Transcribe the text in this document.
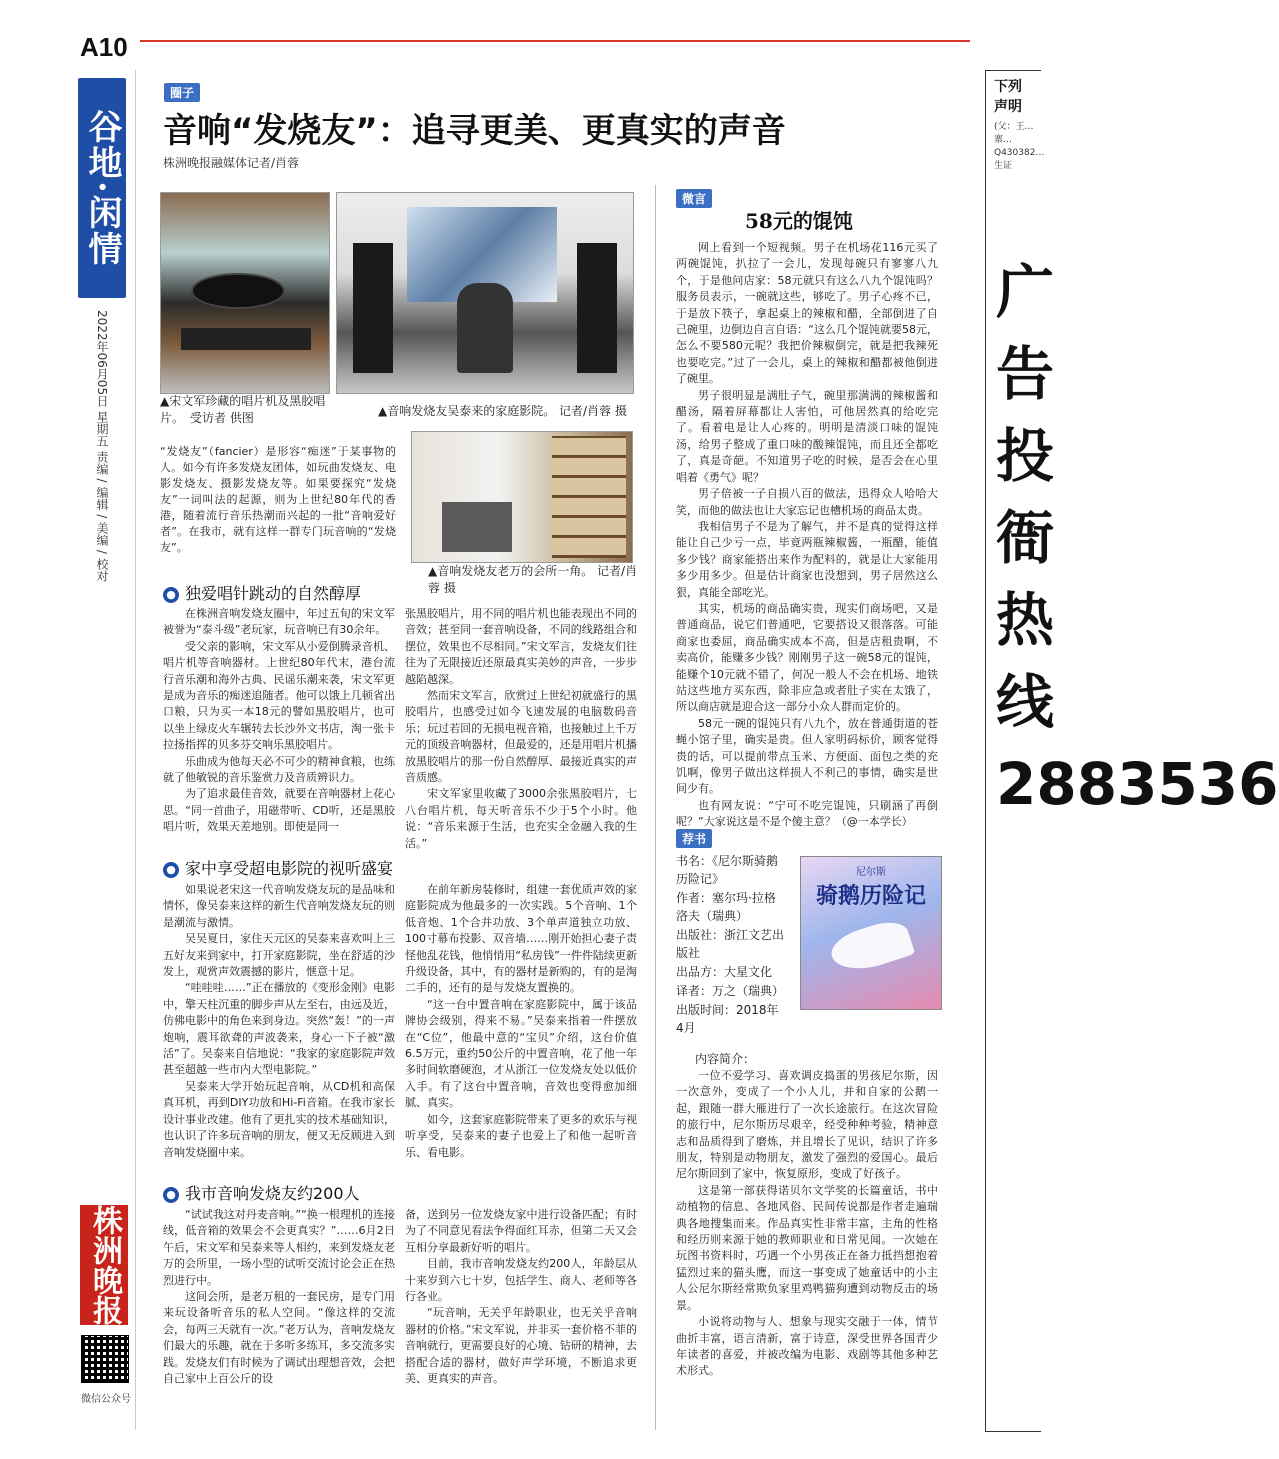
A10
谷地·闲情
2022年06月05日 星期五 责编 / 编辑 / 美编 / 校对
株洲晚报
微信公众号
圈子
音响“发烧友”：追寻更美、更真实的声音
株洲晚报融媒体记者/肖蓉
▲宋文军珍藏的唱片机及黑胶唱片。　受访者 供图	▲音响发烧友吴泰来的家庭影院。 记者/肖蓉 摄
“发烧友”（fancier）是形容“痴迷”于某事物的人。如今有许多发烧友团体，如玩曲发烧友、电影发烧友、摄影发烧友等。如果要探究“发烧友”一词叫法的起源，则为上世纪80年代的香港，随着流行音乐热潮而兴起的一批“音响爱好者”。在我市，就有这样一群专门玩音响的“发烧友”。
▲音响发烧友老万的会所一角。 记者/肖蓉 摄
● 独爱唱针跳动的自然醇厚

在株洲音响发烧友圈中，年过五旬的宋文军被誉为“泰斗级”老玩家，玩音响已有30余年。

受父亲的影响，宋文军从小爱倒腾录音机、唱片机等音响器材。上世纪80年代末，港台流行音乐潮和海外古典、民谣乐潮来袭，宋文军更是成为音乐的痴迷追随者。他可以饿上几顿省出口粮，只为买一本18元的譬如黑胶唱片，也可以坐上绿皮火车辗转去长沙外文书店，淘一张卡拉扬指挥的贝多芬交响乐黑胶唱片。

乐曲成为他每天必不可少的精神食粮，也练就了他敏锐的音乐鉴赏力及音质辨识力。

为了追求最佳音效，就要在音响器材上花心思。“同一首曲子，用磁带听、CD听，还是黑胶唱片听，效果天差地别。即使是同一

张黑胶唱片，用不同的唱片机也能表现出不同的音效；甚至同一套音响设备，不同的线路组合和摆位，效果也不尽相同。”宋文军言，发烧友们往往为了无限接近还原最真实美妙的声音，一步步越陷越深。

然而宋文军言，欣赏过上世纪初就盛行的黑胶唱片，也感受过如今飞速发展的电脑数码音乐；玩过若回的无损电视音箱，也接触过上千万元的顶级音响器材，但最爱的，还是用唱片机播放黑胶唱片的那一份自然醇厚、最接近真实的声音质感。

宋文军家里收藏了3000余张黑胶唱片，七八台唱片机，每天听音乐不少于5个小时。他说：“音乐来源于生活，也充实全金融入我的生活。”

● 家中享受超电影院的视听盛宴

如果说老宋这一代音响发烧友玩的是品味和情怀，像吴泰来这样的新生代音响发烧友玩的则是潮流与激情。

吴吴夏日，家住天元区的吴泰来喜欢叫上三五好友来到家中，打开家庭影院，坐在舒适的沙发上，观赏声效震撼的影片，惬意十足。

“哇哇哇……”正在播放的《变形金刚》电影中，擎天柱沉重的脚步声从左至右，由远及近，仿佛电影中的角色来到身边。突然“轰！”的一声炮响，震耳欲聋的声波袭来，身心一下子被“激活”了。吴泰来自信地说：“我家的家庭影院声效甚至超越一些市内大型电影院。”

吴泰来大学开始玩起音响，从CD机和高保真耳机，再到DIY功放和Hi-Fi音箱。在我市家长设计事业改建。他有了更扎实的技术基础知识，也认识了许多玩音响的朋友，便又无反顾进入到音响发烧圈中来。

在前年新房装修时，组建一套优质声效的家庭影院成为他最多的一次实践。5个音响、1个低音炮、1个合并功放、3个单声道独立功放、100寸幕布投影、双音墙……刚开始担心妻子责怪他乱花钱，他悄悄用“私房钱”一件件陆续更新升级设备，其中，有的器材是新购的，有的是淘二手的，还有的是与发烧友置换的。

“这一台中置音响在家庭影院中，属于该品牌协会级别，得来不易。”吴泰来指着一件摆放在“C位”，他最中意的“宝贝”介绍，这台价值6.5万元，重约50公斤的中置音响，花了他一年多时间软磨硬泡，才从浙江一位发烧友处以低价入手。有了这台中置音响，音效也变得愈加细腻、真实。

如今，这套家庭影院带来了更多的欢乐与视听享受，吴泰来的妻子也爱上了和他一起听音乐、看电影。

● 我市音响发烧友约200人

“试试我这对丹麦音响。”“换一根理机的连接线，低音箱的效果会不会更真实？”……6月2日午后，宋文军和吴泰来等人相约，来到发烧友老万的会所里，一场小型的试听交流讨论会正在热烈进行中。

这间会所，是老万租的一套民房，是专门用来玩设备听音乐的私人空间。“像这样的交流会，每两三天就有一次。”老万认为，音响发烧友们最大的乐趣，就在于多听多练耳，多交流多实践。发烧友们有时候为了调试出理想音效，会把自己家中上百公斤的设

备，送到另一位发烧友家中进行设备匹配；有时为了不同意见看法争得面红耳赤，但第二天又会互相分享最新好听的唱片。

目前，我市音响发烧友约200人，年龄层从十来岁到六七十岁，包括学生、商人、老师等各行各业。

“玩音响，无关乎年龄职业，也无关乎音响器材的价格。”宋文军说，并非买一套价格不菲的音响就行，更需要良好的心境、钻研的精神，去搭配合适的器材，做好声学环境，不断追求更美、更真实的声音。

微言
58元的馄饨

网上看到一个短视频。男子在机场花116元买了两碗馄饨，扒拉了一会儿，发现每碗只有寥寥八九个，于是他问店家：58元就只有这么八九个馄饨吗？服务员表示，一碗就这些，够吃了。男子心疼不已，于是放下筷子，拿起桌上的辣椒和醋，全部倒进了自己碗里，边倒边自言自语：“这么几个馄饨就要58元，怎么不要580元呢？我把价辣椒倒完，就是把我辣死也要吃完。”过了一会儿，桌上的辣椒和醋都被他倒进了碗里。

男子很明显是满肚子气，碗里那满满的辣椒酱和醋汤，隔着屏幕都让人害怕，可他居然真的给吃完了。看着电是让人心疼的。明明是清淡口味的馄饨汤，给男子整成了重口味的酸辣馄饨，而且还全都吃了，真是奇葩。不知道男子吃的时候，是否会在心里唱着《勇气》呢？

男子倍被一子自损八百的做法，迅得众人哈哈大笑，而他的做法也让大家忘记也槽机场的商品太贵。

我相信男子不是为了解气，并不是真的觉得这样能让自己少亏一点，毕竟两瓶辣椒酱，一瓶醋，能值多少钱？商家能搭出来作为配料的，就是让大家能用多少用多少。但是估计商家也没想到，男子居然这么狠，真能全部吃光。

其实，机场的商品确实贵，现实们商场吧，又是普通商品，说它们普通吧，它要搭设又很落落。可能商家也委屈，商品确实成本不高，但是店租贵啊，不卖高价，能赚多少钱？刚刚男子这一碗58元的馄饨，能赚个10元就不错了，何况一般人不会在机场、地铁站这些地方买东西，除非应急或者肚子实在太饿了，所以商店就是迎合这一部分小众人群而定价的。

58元一碗的馄饨只有八九个，放在普通街道的苍蝇小馆子里，确实是贵。但人家明码标价，顾客觉得贵的话，可以提前带点玉米、方便面、面包之类的充饥啊，像男子做出这样损人不利己的事情，确实是世间少有。

也有网友说：“宁可不吃完馄饨，只刷涵了再倒呢？”大家说这是不是个傻主意？（@一本学长）

荐书
书名：《尼尔斯骑鹅历险记》
作者：塞尔玛·拉格洛夫（瑞典）
出版社：浙江文艺出版社
出品方：大星文化
译者：万之（瑞典）
出版时间：2018年4月
尼尔斯
骑鹅历险记
内容简介：

一位不爱学习、喜欢调皮捣蛋的男孩尼尔斯，因一次意外，变成了一个小人儿，并和自家的公鹅一起，跟随一群大雁进行了一次长途旅行。在这次冒险的旅行中，尼尔斯历尽艰辛，经受种种考验，精神意志和品质得到了磨炼，并且增长了见识，结识了许多朋友，特别是动物朋友，激发了强烈的爱国心。最后尼尔斯回到了家中，恢复原形，变成了好孩子。

这是第一部获得诺贝尔文学奖的长篇童话，书中动植物的信息、各地风俗、民间传说都是作者走遍瑞典各地搜集而来。作品真实性非常丰富，主角的性格和经历则来源于她的教师职业和日常见闻。一次她在玩图书资料时，巧遇一个小男孩正在备力抵挡想抱着猛烈过来的猫头鹰，而这一事变成了她童话中的小主人公尼尔斯经常欺负家里鸡鸭猫狗遭到动物反击的场景。

小说将动物与人、想象与现实交融于一体，情节曲折丰富，语言清新，富于诗意，深受世界各国青少年读者的喜爱，并被改编为电影、戏剧等其他多种艺术形式。

下列
声明
(父：王… 寨… Q430382… 生证
广告投衙热线2883536
